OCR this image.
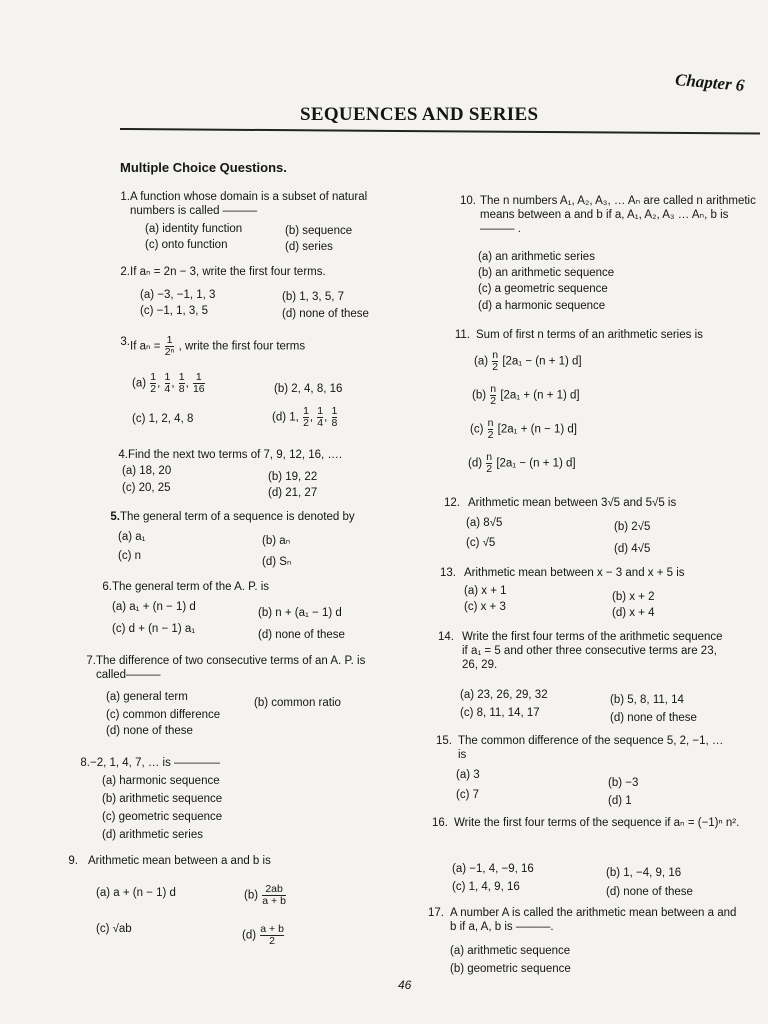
Chapter 6
SEQUENCES AND SERIES
Multiple Choice Questions.
1. A function whose domain is a subset of natural numbers is called ———
(a) identity function	(b) sequence
(c) onto function	(d) series
2. If aₙ = 2n − 3, write the first four terms.
(a) −3, −1, 1, 3	(b) 1, 3, 5, 7
(c) −1, 1, 3, 5	(d) none of these
3. If $a_n = \frac{1}{\text{2ⁿ}}$ , write the first four terms
$(a) \frac{1}{2}$ , $\frac{1}{4}$ , $\frac{1}{8}$ , $\frac{1}{16}$	(b) 2, 4, 8, 16
(c) 1, 2, 4, 8	(d) 1, $\frac{1}{2}$ , $\frac{1}{4}$ , $\frac{1}{8}$
4. Find the next two terms of 7, 9, 12, 16, ….
(a) 18, 20	(b) 19, 22
(c) 20, 25	(d) 21, 27
5. The general term of a sequence is denoted by
(a) a₁	(b) aₙ
(c) n	(d) Sₙ
6. The general term of the A. P. is
(a) a₁ + (n − 1) d	(b) n + (a₁ − 1) d
(c) d + (n − 1) a₁	(d) none of these
7. The difference of two consecutive terms of an A. P. is called———
(a) general term	(b) common ratio
(c) common difference
(d) none of these
8. −2, 1, 4, 7, … is ————
(a) harmonic sequence
(b) arithmetic sequence
(c) geometric sequence
(d) arithmetic series
9. Arithmetic mean between a and b is
(a) a + (n − 1) d	$(b) \frac{2ab}{a + b}$
(c) √ab
$(d) \frac{a + b}{2}$
10. The n numbers A₁, A₂, A₃, … Aₙ are called n arithmetic means between a and b if a, A₁, A₂, A₃ … Aₙ, b is ——— .
(a) an arithmetic series
(b) an arithmetic sequence
(c) a geometric sequence
(d) a harmonic sequence
11. Sum of first n terms of an arithmetic series is
$(a) \frac{n}{2} [2a_1 - (n + 1)$ d]
$(b) \frac{n}{2} [2a_1 + (n + 1)$ d]
$(c) \frac{n}{2} [2a_1 + (n - 1)$ d]
$(d) \frac{n}{2} [2a_1 - (n + 1)$ d]
12. Arithmetic mean between 3√5 and 5√5 is
(a) 8√5	(b) 2√5
(c) √5	(d) 4√5
13. Arithmetic mean between x − 3 and x + 5 is
(a) x + 1	(b) x + 2
(c) x + 3	(d) x + 4
14. Write the first four terms of the arithmetic sequence if a₁ = 5 and other three consecutive terms are 23, 26, 29.
(a) 23, 26, 29, 32	(b) 5, 8, 11, 14
(c) 8, 11, 14, 17	(d) none of these
15. The common difference of the sequence 5, 2, −1, … is
(a) 3
(b) −3
(c) 7	(d) 1
16. Write the first four terms of the sequence if aₙ = (−1)ⁿ n².
(a) −1, 4, −9, 16	(b) 1, −4, 9, 16
(c) 1, 4, 9, 16	(d) none of these
17. A number A is called the arithmetic mean between a and b if a, A, b is ———.
(a) arithmetic sequence
(b) geometric sequence
46
